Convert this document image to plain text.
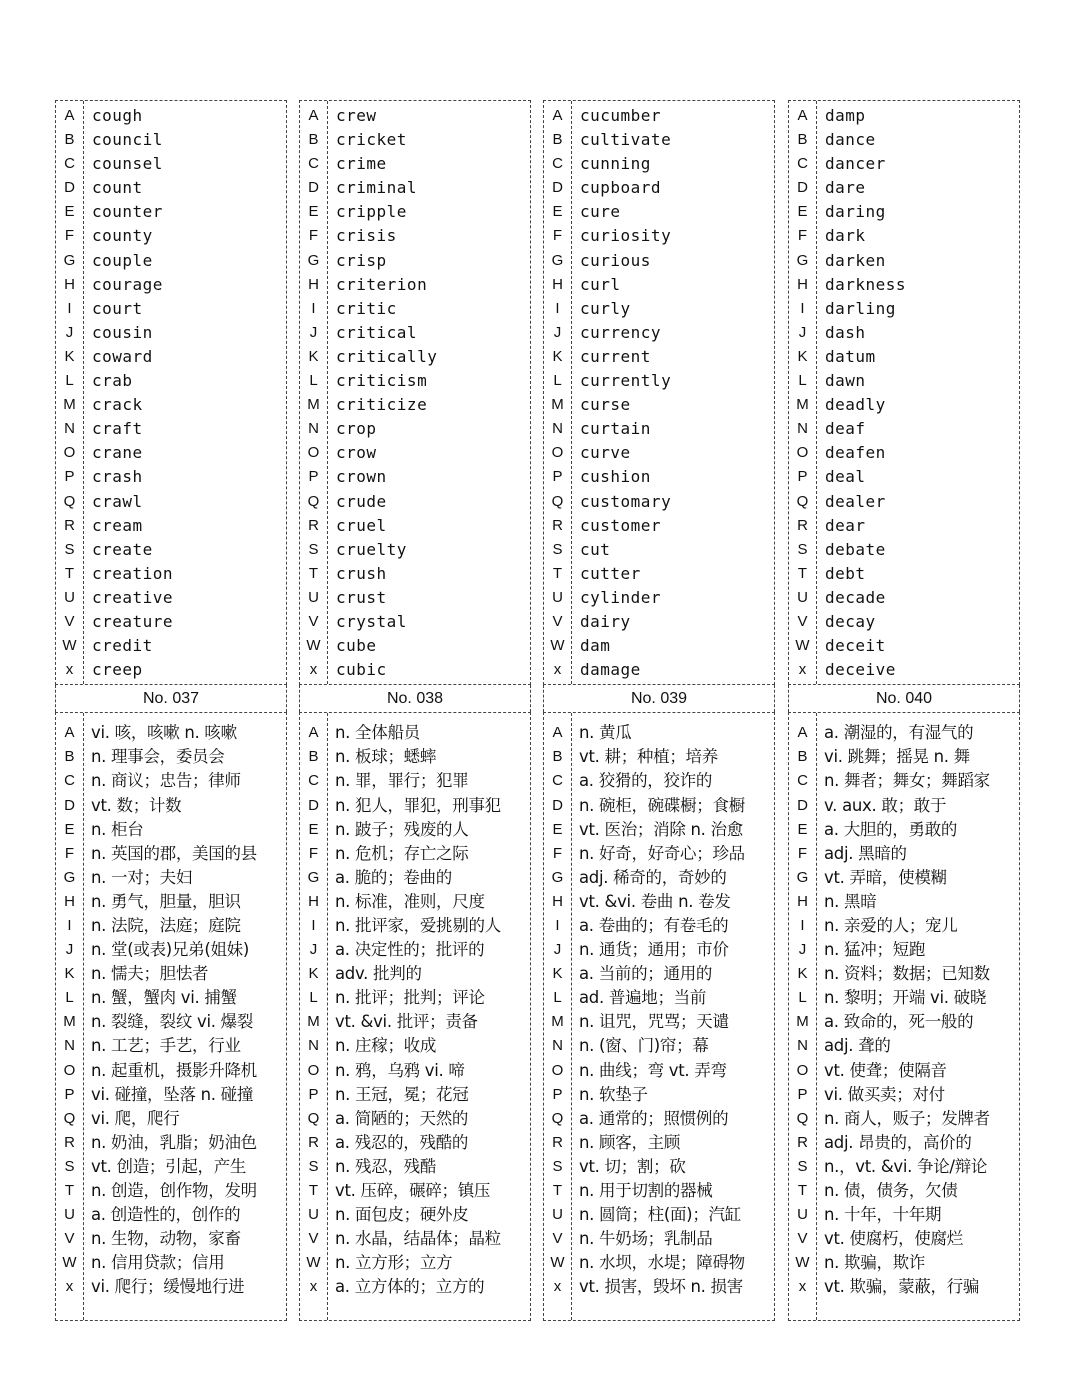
A
B
C
D
E
F
G
H
I
J
K
L
M
N
O
P
Q
R
S
T
U
V
W
x
cough
council
counsel
count
counter
county
couple
courage
court
cousin
coward
crab
crack
craft
crane
crash
crawl
cream
create
creation
creative
creature
credit
creep
No. 037
A
B
C
D
E
F
G
H
I
J
K
L
M
N
O
P
Q
R
S
T
U
V
W
x
vi. 咳，咳嗽 n. 咳嗽
n. 理事会，委员会
n. 商议；忠告；律师
vt. 数；计数
n. 柜台
n. 英国的郡，美国的县
n. 一对；夫妇
n. 勇气，胆量，胆识
n. 法院，法庭；庭院
n. 堂(或表)兄弟(姐妹)
n. 懦夫；胆怯者
n. 蟹，蟹肉 vi. 捕蟹
n. 裂缝，裂纹 vi. 爆裂
n. 工艺；手艺，行业
n. 起重机，摄影升降机
vi. 碰撞，坠落 n. 碰撞
vi. 爬，爬行
n. 奶油，乳脂；奶油色
vt. 创造；引起，产生
n. 创造，创作物，发明
a. 创造性的，创作的
n. 生物，动物，家畜
n. 信用贷款；信用
vi. 爬行；缓慢地行进
A
B
C
D
E
F
G
H
I
J
K
L
M
N
O
P
Q
R
S
T
U
V
W
x
crew
cricket
crime
criminal
cripple
crisis
crisp
criterion
critic
critical
critically
criticism
criticize
crop
crow
crown
crude
cruel
cruelty
crush
crust
crystal
cube
cubic
No. 038
A
B
C
D
E
F
G
H
I
J
K
L
M
N
O
P
Q
R
S
T
U
V
W
x
n. 全体船员
n. 板球；蟋蟀
n. 罪，罪行；犯罪
n. 犯人，罪犯，刑事犯
n. 跛子；残废的人
n. 危机；存亡之际
a. 脆的；卷曲的
n. 标准，准则，尺度
n. 批评家，爱挑剔的人
a. 决定性的；批评的
adv. 批判的
n. 批评；批判；评论
vt. &vi. 批评；责备
n. 庄稼；收成
n. 鸦，乌鸦 vi. 啼
n. 王冠，冕；花冠
a. 简陋的；天然的
a. 残忍的，残酷的
n. 残忍，残酷
vt. 压碎，碾碎；镇压
n. 面包皮；硬外皮
n. 水晶，结晶体；晶粒
n. 立方形；立方
a. 立方体的；立方的
A
B
C
D
E
F
G
H
I
J
K
L
M
N
O
P
Q
R
S
T
U
V
W
x
cucumber
cultivate
cunning
cupboard
cure
curiosity
curious
curl
curly
currency
current
currently
curse
curtain
curve
cushion
customary
customer
cut
cutter
cylinder
dairy
dam
damage
No. 039
A
B
C
D
E
F
G
H
I
J
K
L
M
N
O
P
Q
R
S
T
U
V
W
x
n. 黄瓜
vt. 耕；种植；培养
a. 狡猾的，狡诈的
n. 碗柜，碗碟橱；食橱
vt. 医治；消除 n. 治愈
n. 好奇，好奇心；珍品
adj. 稀奇的，奇妙的
vt. &vi. 卷曲 n. 卷发
a. 卷曲的；有卷毛的
n. 通货；通用；市价
a. 当前的；通用的
ad. 普遍地；当前
n. 诅咒，咒骂；天谴
n. (窗、门)帘；幕
n. 曲线；弯 vt. 弄弯
n. 软垫子
a. 通常的；照惯例的
n. 顾客，主顾
vt. 切；割；砍
n. 用于切割的器械
n. 圆筒；柱(面)；汽缸
n. 牛奶场；乳制品
n. 水坝，水堤；障碍物
vt. 损害，毁坏 n. 损害
A
B
C
D
E
F
G
H
I
J
K
L
M
N
O
P
Q
R
S
T
U
V
W
x
damp
dance
dancer
dare
daring
dark
darken
darkness
darling
dash
datum
dawn
deadly
deaf
deafen
deal
dealer
dear
debate
debt
decade
decay
deceit
deceive
No. 040
A
B
C
D
E
F
G
H
I
J
K
L
M
N
O
P
Q
R
S
T
U
V
W
x
a. 潮湿的，有湿气的
vi. 跳舞；摇晃 n. 舞
n. 舞者；舞女；舞蹈家
v. aux. 敢；敢于
a. 大胆的，勇敢的
adj. 黑暗的
vt. 弄暗，使模糊
n. 黑暗
n. 亲爱的人；宠儿
n. 猛冲；短跑
n. 资料；数据；已知数
n. 黎明；开端 vi. 破晓
a. 致命的，死一般的
adj. 聋的
vt. 使聋；使隔音
vi. 做买卖；对付
n. 商人，贩子；发牌者
adj. 昂贵的，高价的
n.，vt. &vi. 争论/辩论
n. 债，债务，欠债
n. 十年，十年期
vt. 使腐朽，使腐烂
n. 欺骗，欺诈
vt. 欺骗，蒙蔽，行骗
